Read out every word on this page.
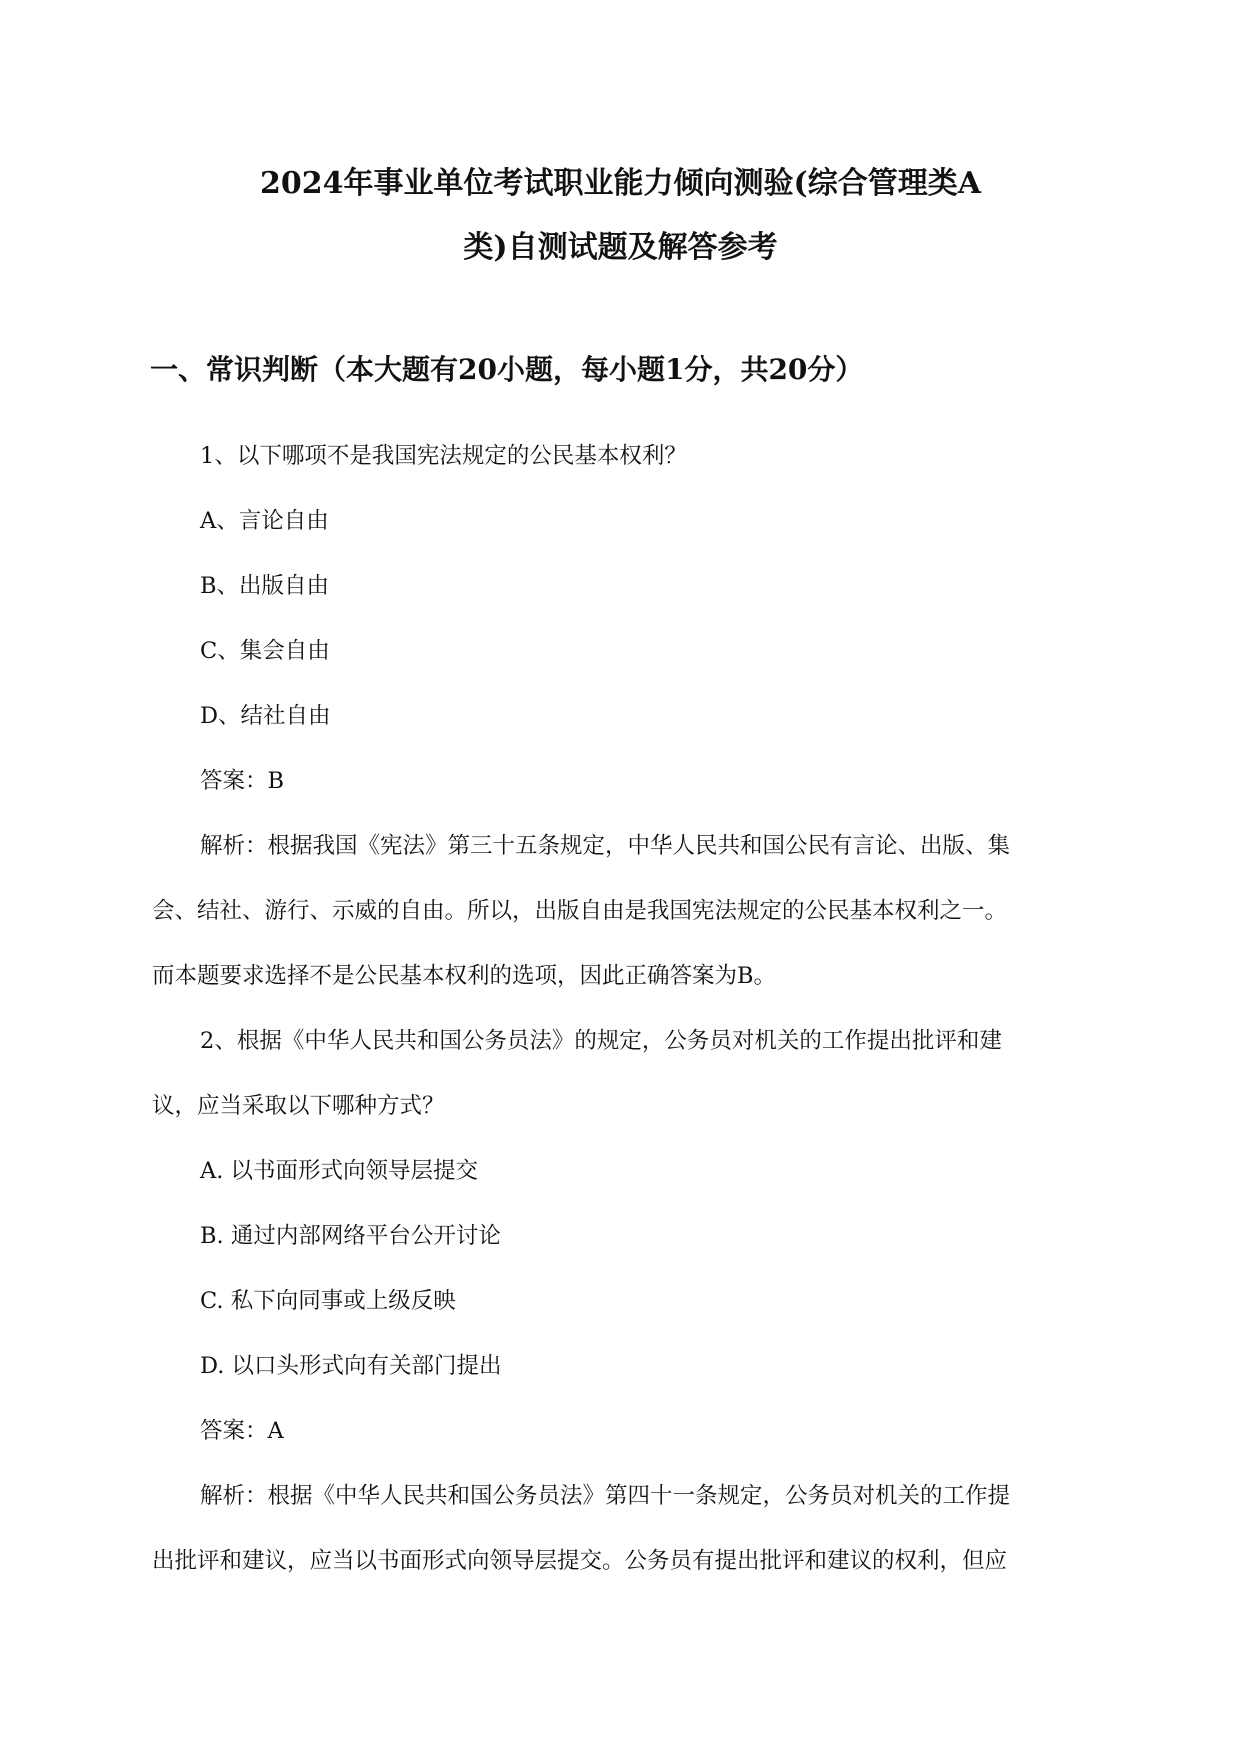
2024年事业单位考试职业能力倾向测验(综合管理类A
类)自测试题及解答参考
一、常识判断（本大题有20小题，每小题1分，共20分）
1、以下哪项不是我国宪法规定的公民基本权利？
A、言论自由
B、出版自由
C、集会自由
D、结社自由
答案：B
解析：根据我国《宪法》第三十五条规定，中华人民共和国公民有言论、出版、集
会、结社、游行、示威的自由。所以，出版自由是我国宪法规定的公民基本权利之一。
而本题要求选择不是公民基本权利的选项，因此正确答案为B。
2、根据《中华人民共和国公务员法》的规定，公务员对机关的工作提出批评和建
议，应当采取以下哪种方式？
A. 以书面形式向领导层提交
B. 通过内部网络平台公开讨论
C. 私下向同事或上级反映
D. 以口头形式向有关部门提出
答案：A
解析：根据《中华人民共和国公务员法》第四十一条规定，公务员对机关的工作提
出批评和建议，应当以书面形式向领导层提交。公务员有提出批评和建议的权利，但应
